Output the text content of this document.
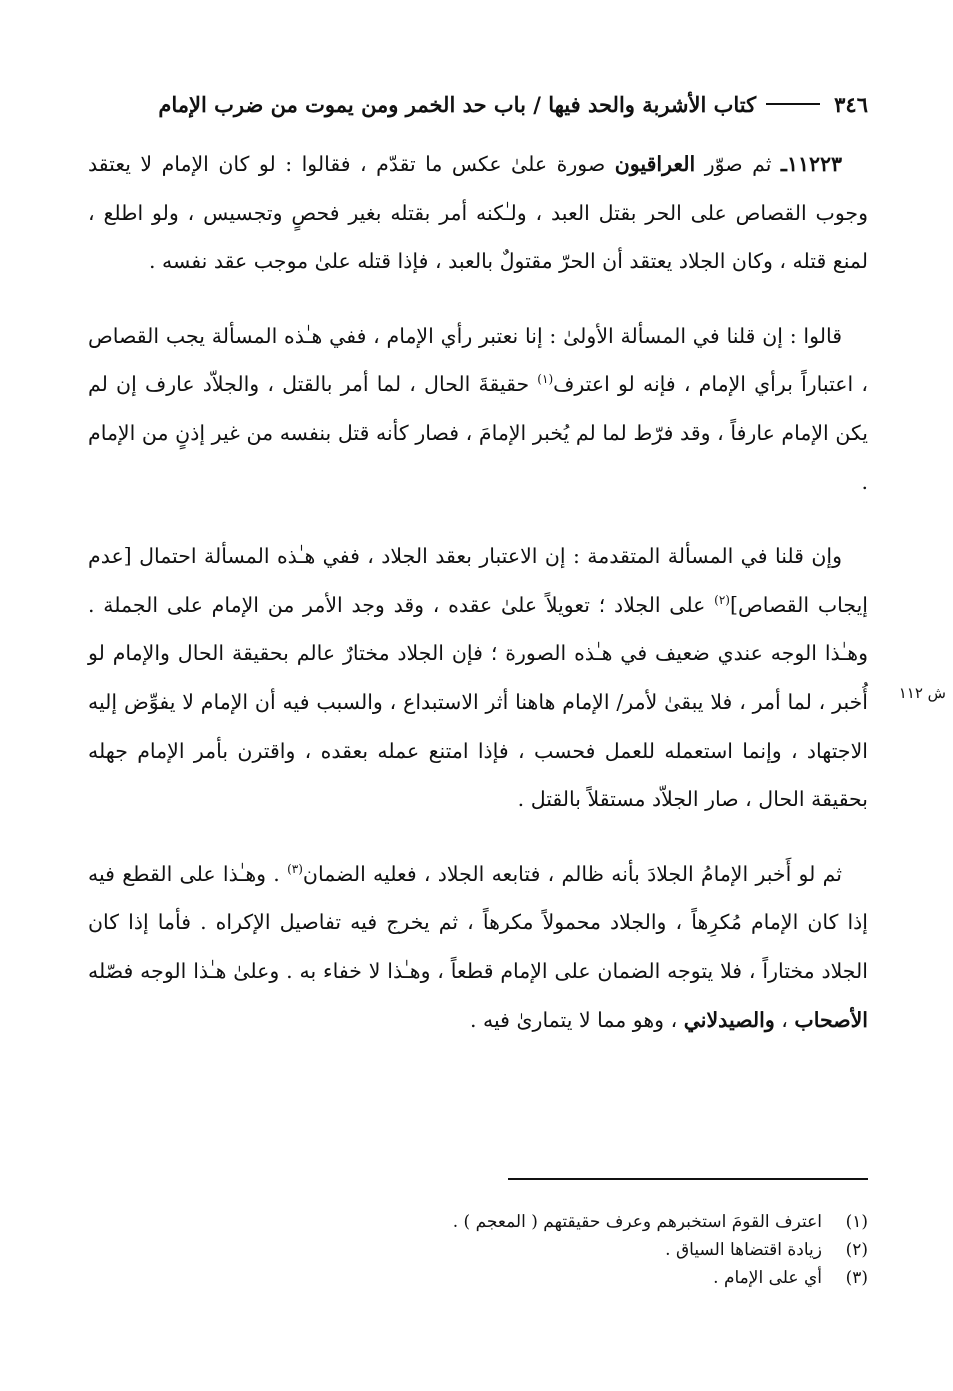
٣٤٦
كتاب الأشربة والحد فيها / باب حد الخمر ومن يموت من ضرب الإمام

١١٢٢٣ـ ثم صوّر العراقيون صورة علىٰ عكس ما تقدّم ، فقالوا : لو كان الإمام لا يعتقد وجوب القصاص على الحر بقتل العبد ، ولـٰكنه أمر بقتله بغير فحصٍ وتجسيس ، ولو اطلع ، لمنع قتله ، وكان الجلاد يعتقد أن الحرّ مقتولٌ بالعبد ، فإذا قتله علىٰ موجب عقد نفسه .

قالوا : إن قلنا في المسألة الأولىٰ : إنا نعتبر رأي الإمام ، ففي هـٰذه المسألة يجب القصاص ، اعتباراً برأي الإمام ، فإنه لو اعترف$^{(١)}$ حقيقةَ الحال ، لما أمر بالقتل ، والجلاّد عارف إن لم يكن الإمام عارفاً ، وقد فرّط لما لم يُخبر الإمامَ ، فصار كأنه قتل بنفسه من غير إذنٍ من الإمام .

وإن قلنا في المسألة المتقدمة : إن الاعتبار بعقد الجلاد ، ففي هـٰذه المسألة احتمال [عدم إيجاب القصاص]$^{(٢)}$ على الجلاد ؛ تعويلاً علىٰ عقده ، وقد وجد الأمر من الإمام على الجملة . وهـٰذا الوجه عندي ضعيف في هـٰذه الصورة ؛ فإن الجلاد مختارٌ عالم بحقيقة الحال والإمام لو أُخبر ، لما أمر ، فلا يبقىٰ لأمر/ الإمام هاهنا أثر الاستبداع ، والسبب فيه أن الإمام لا يفوِّض إليه الاجتهاد ، وإنما استعمله للعمل فحسب ، فإذا امتنع عمله بعقده ، واقترن بأمر الإمام جهله بحقيقة الحال ، صار الجلاّد مستقلاً بالقتل .

ثم لو أَخبر الإمامُ الجلادَ بأنه ظالم ، فتابعه الجلاد ، فعليه الضمان$^{(٣)}$ . وهـٰذا على القطع فيه إذا كان الإمام مُكرِهاً ، والجلاد محمولاً مكرهاً ، ثم يخرج فيه تفاصيل الإكراه . فأما إذا كان الجلاد مختاراً ، فلا يتوجه الضمان على الإمام قطعاً ، وهـٰذا لا خفاء به . وعلىٰ هـٰذا الوجه فصّله الأصحاب ، والصيدلاني ، وهو مما لا يتمارىٰ فيه .

ش ١١٢
(١)
اعترف القومَ استخبرهم وعرف حقيقتهم ( المعجم ) .
(٢)
زيادة اقتضاها السياق .
(٣)
أي على الإمام .
